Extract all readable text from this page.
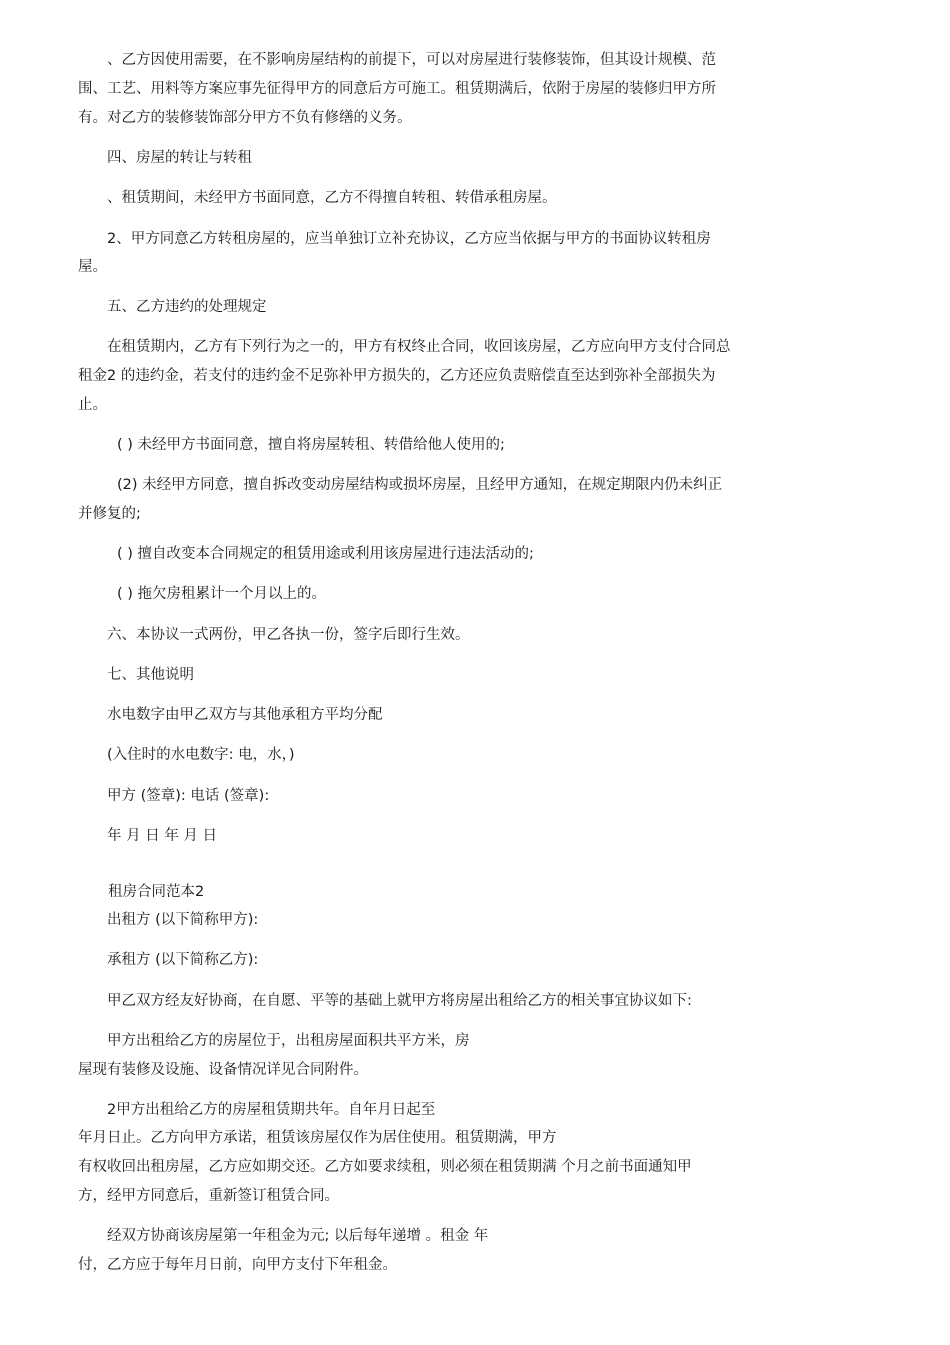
、乙方因使用需要，在不影响房屋结构的前提下，可以对房屋进行装修装饰，但其设计规模、范
围、工艺、用料等方案应事先征得甲方的同意后方可施工。租赁期满后，依附于房屋的装修归甲方所
有。对乙方的装修装饰部分甲方不负有修缮的义务。
四、房屋的转让与转租
、租赁期间，未经甲方书面同意，乙方不得擅自转租、转借承租房屋。
2、甲方同意乙方转租房屋的，应当单独订立补充协议，乙方应当依据与甲方的书面协议转租房
屋。
五、乙方违约的处理规定
在租赁期内，乙方有下列行为之一的，甲方有权终止合同，收回该房屋，乙方应向甲方支付合同总
租金2 的违约金，若支付的违约金不足弥补甲方损失的，乙方还应负责赔偿直至达到弥补全部损失为
止。
( ) 未经甲方书面同意，擅自将房屋转租、转借给他人使用的;
(2) 未经甲方同意，擅自拆改变动房屋结构或损坏房屋，且经甲方通知，在规定期限内仍未纠正
并修复的;
( ) 擅自改变本合同规定的租赁用途或利用该房屋进行违法活动的;
( ) 拖欠房租累计一个月以上的。
六、本协议一式两份，甲乙各执一份，签字后即行生效。
七、其他说明
水电数字由甲乙双方与其他承租方平均分配
(入住时的水电数字: 电，水，)
甲方 (签章): 电话 (签章):
年 月 日 年 月 日
租房合同范本2
出租方 (以下简称甲方):
承租方 (以下简称乙方):
甲乙双方经友好协商，在自愿、平等的基础上就甲方将房屋出租给乙方的相关事宜协议如下:
甲方出租给乙方的房屋位于，出租房屋面积共平方米，房
屋现有装修及设施、设备情况详见合同附件。
2甲方出租给乙方的房屋租赁期共年。自年月日起至
年月日止。乙方向甲方承诺，租赁该房屋仅作为居住使用。租赁期满，甲方
有权收回出租房屋，乙方应如期交还。乙方如要求续租，则必须在租赁期满 个月之前书面通知甲
方，经甲方同意后，重新签订租赁合同。
经双方协商该房屋第一年租金为元; 以后每年递增 。租金 年
付，乙方应于每年月日前，向甲方支付下年租金。
